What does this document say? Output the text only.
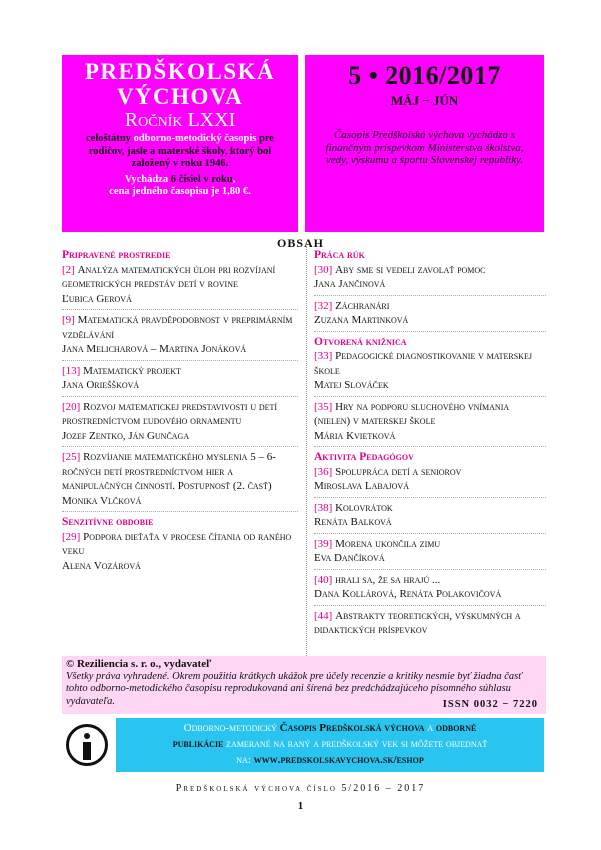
PREDŠKOLSKÁ
VÝCHOVA
Ročník LXXI
celoštátny odborno-metodický časopis pre rodičov, jasle a materské školy, ktorý bol založený v roku 1946.
Vychádza 6 čísiel v roku,
cena jedného časopisu je 1,80 €.
5 • 2016/2017
MÁJ − JÚN
Časopis Predškolská výchova vychádza s finančným príspevkom Ministerstva školstva, vedy, výskumu a športu Slovenskej republiky.
OBSAH
Pripravené prostredie
[2] Analýza matematických úloh pri rozvíjaní geometrických predstáv detí v rovine
Ľubica Gerová
[9] Matematická pravděpodobnost v preprimárním vzdělávání
Jana Melicharová – Martina Jonáková
[13] Matematický projekt
Jana Orieššková
[20] Rozvoj matematickej predstavivosti u detí prostredníctvom ľudového ornamentu
Jozef Zentko, Ján Gunčaga
[25] Rozvíjanie matematického myslenia 5 – 6-ročných detí prostredníctvom hier a manipulačných činností. Postupnosť (2. časť)
Monika Vlčková
Senzitívne obdobie
[29] Podpora dieťaťa v procese čítania od raného veku
Alena Vozárová
Práca rúk
[30] Aby sme si vedeli zavolať pomoc
Jana Jančinová
[32] Záchranári
Zuzana Martinková
Otvorená knižnica
[33] Pedagogické diagnostikovanie v materskej škole
Matej Slováček
[35] Hry na podporu sluchového vnímania (nielen) v materskej škole
Mária Kvietková
Aktivita Pedagógov
[36] Spolupráca detí a seniorov
Miroslava Labajová
[38] Kolovrátok
Renáta Balková
[39] Morena ukončila zimu
Eva Dančíková
[40] hrali sa, že sa hrajú ...
Dana Kollárová, Renáta Polakovičová
[44] Abstrakty teoretických, výskumných a didaktických príspevkov
© Reziliencia s. r. o., vydavateľ
Všetky práva vyhradené. Okrem použitia krátkych ukážok pre účely recenzie a kritiky nesmie byť žiadna časť tohto odborno-metodického časopisu reprodukovaná ani šírená bez predchádzajúceho písomného súhlasu vydavateľa.	ISSN 0032 − 7220
Odborno-metodický Časopis Predškolská výchova a odborné
publikácie zamerané na raný a predškolský vek si môžete objednať
na: www.predskolskavychova.sk/eshop
Predškolská výchova číslo 5/2016 – 2017
1
